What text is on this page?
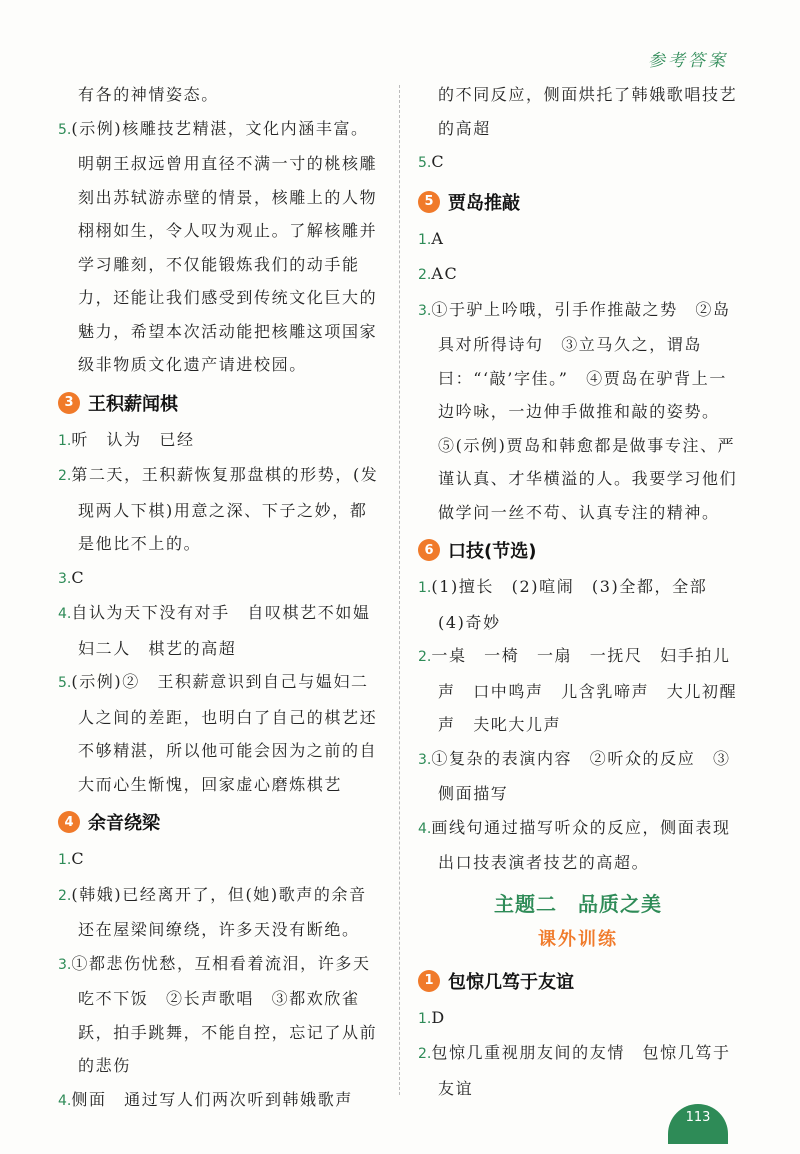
参考答案

有各的神情姿态。

5.(示例)核雕技艺精湛，文化内涵丰富。明朝王叔远曾用直径不满一寸的桃核雕刻出苏轼游赤壁的情景，核雕上的人物栩栩如生，令人叹为观止。了解核雕并学习雕刻，不仅能锻炼我们的动手能力，还能让我们感受到传统文化巨大的魅力，希望本次活动能把核雕这项国家级非物质文化遗产请进校园。

3 王积薪闻棋

1.听　认为　已经

2.第二天，王积薪恢复那盘棋的形势，(发现两人下棋)用意之深、下子之妙，都是他比不上的。

3.C

4.自认为天下没有对手　自叹棋艺不如媪妇二人　棋艺的高超

5.(示例)②　王积薪意识到自己与媪妇二人之间的差距，也明白了自己的棋艺还不够精湛，所以他可能会因为之前的自大而心生惭愧，回家虚心磨炼棋艺

4 余音绕梁

1.C

2.(韩娥)已经离开了，但(她)歌声的余音还在屋梁间缭绕，许多天没有断绝。

3.①都悲伤忧愁，互相看着流泪，许多天吃不下饭　②长声歌唱　③都欢欣雀跃，拍手跳舞，不能自控，忘记了从前的悲伤

4.侧面　通过写人们两次听到韩娥歌声

的不同反应，侧面烘托了韩娥歌唱技艺的高超

5.C

5 贾岛推敲

1.A

2.AC

3.①于驴上吟哦，引手作推敲之势　②岛具对所得诗句　③立马久之，谓岛曰：“‘敲’字佳。”　④贾岛在驴背上一边吟咏，一边伸手做推和敲的姿势。　⑤(示例)贾岛和韩愈都是做事专注、严谨认真、才华横溢的人。我要学习他们做学问一丝不苟、认真专注的精神。

6 口技(节选)

1.(1)擅长　(2)喧闹　(3)全都，全部　(4)奇妙

2.一桌　一椅　一扇　一抚尺　妇手拍儿声　口中鸣声　儿含乳啼声　大儿初醒声　夫叱大儿声

3.①复杂的表演内容　②听众的反应　③侧面描写

4.画线句通过描写听众的反应，侧面表现出口技表演者技艺的高超。

主题二　品质之美
课外训练
1 包惊几笃于友谊

1.D

2.包惊几重视朋友间的友情　包惊几笃于友谊

113
